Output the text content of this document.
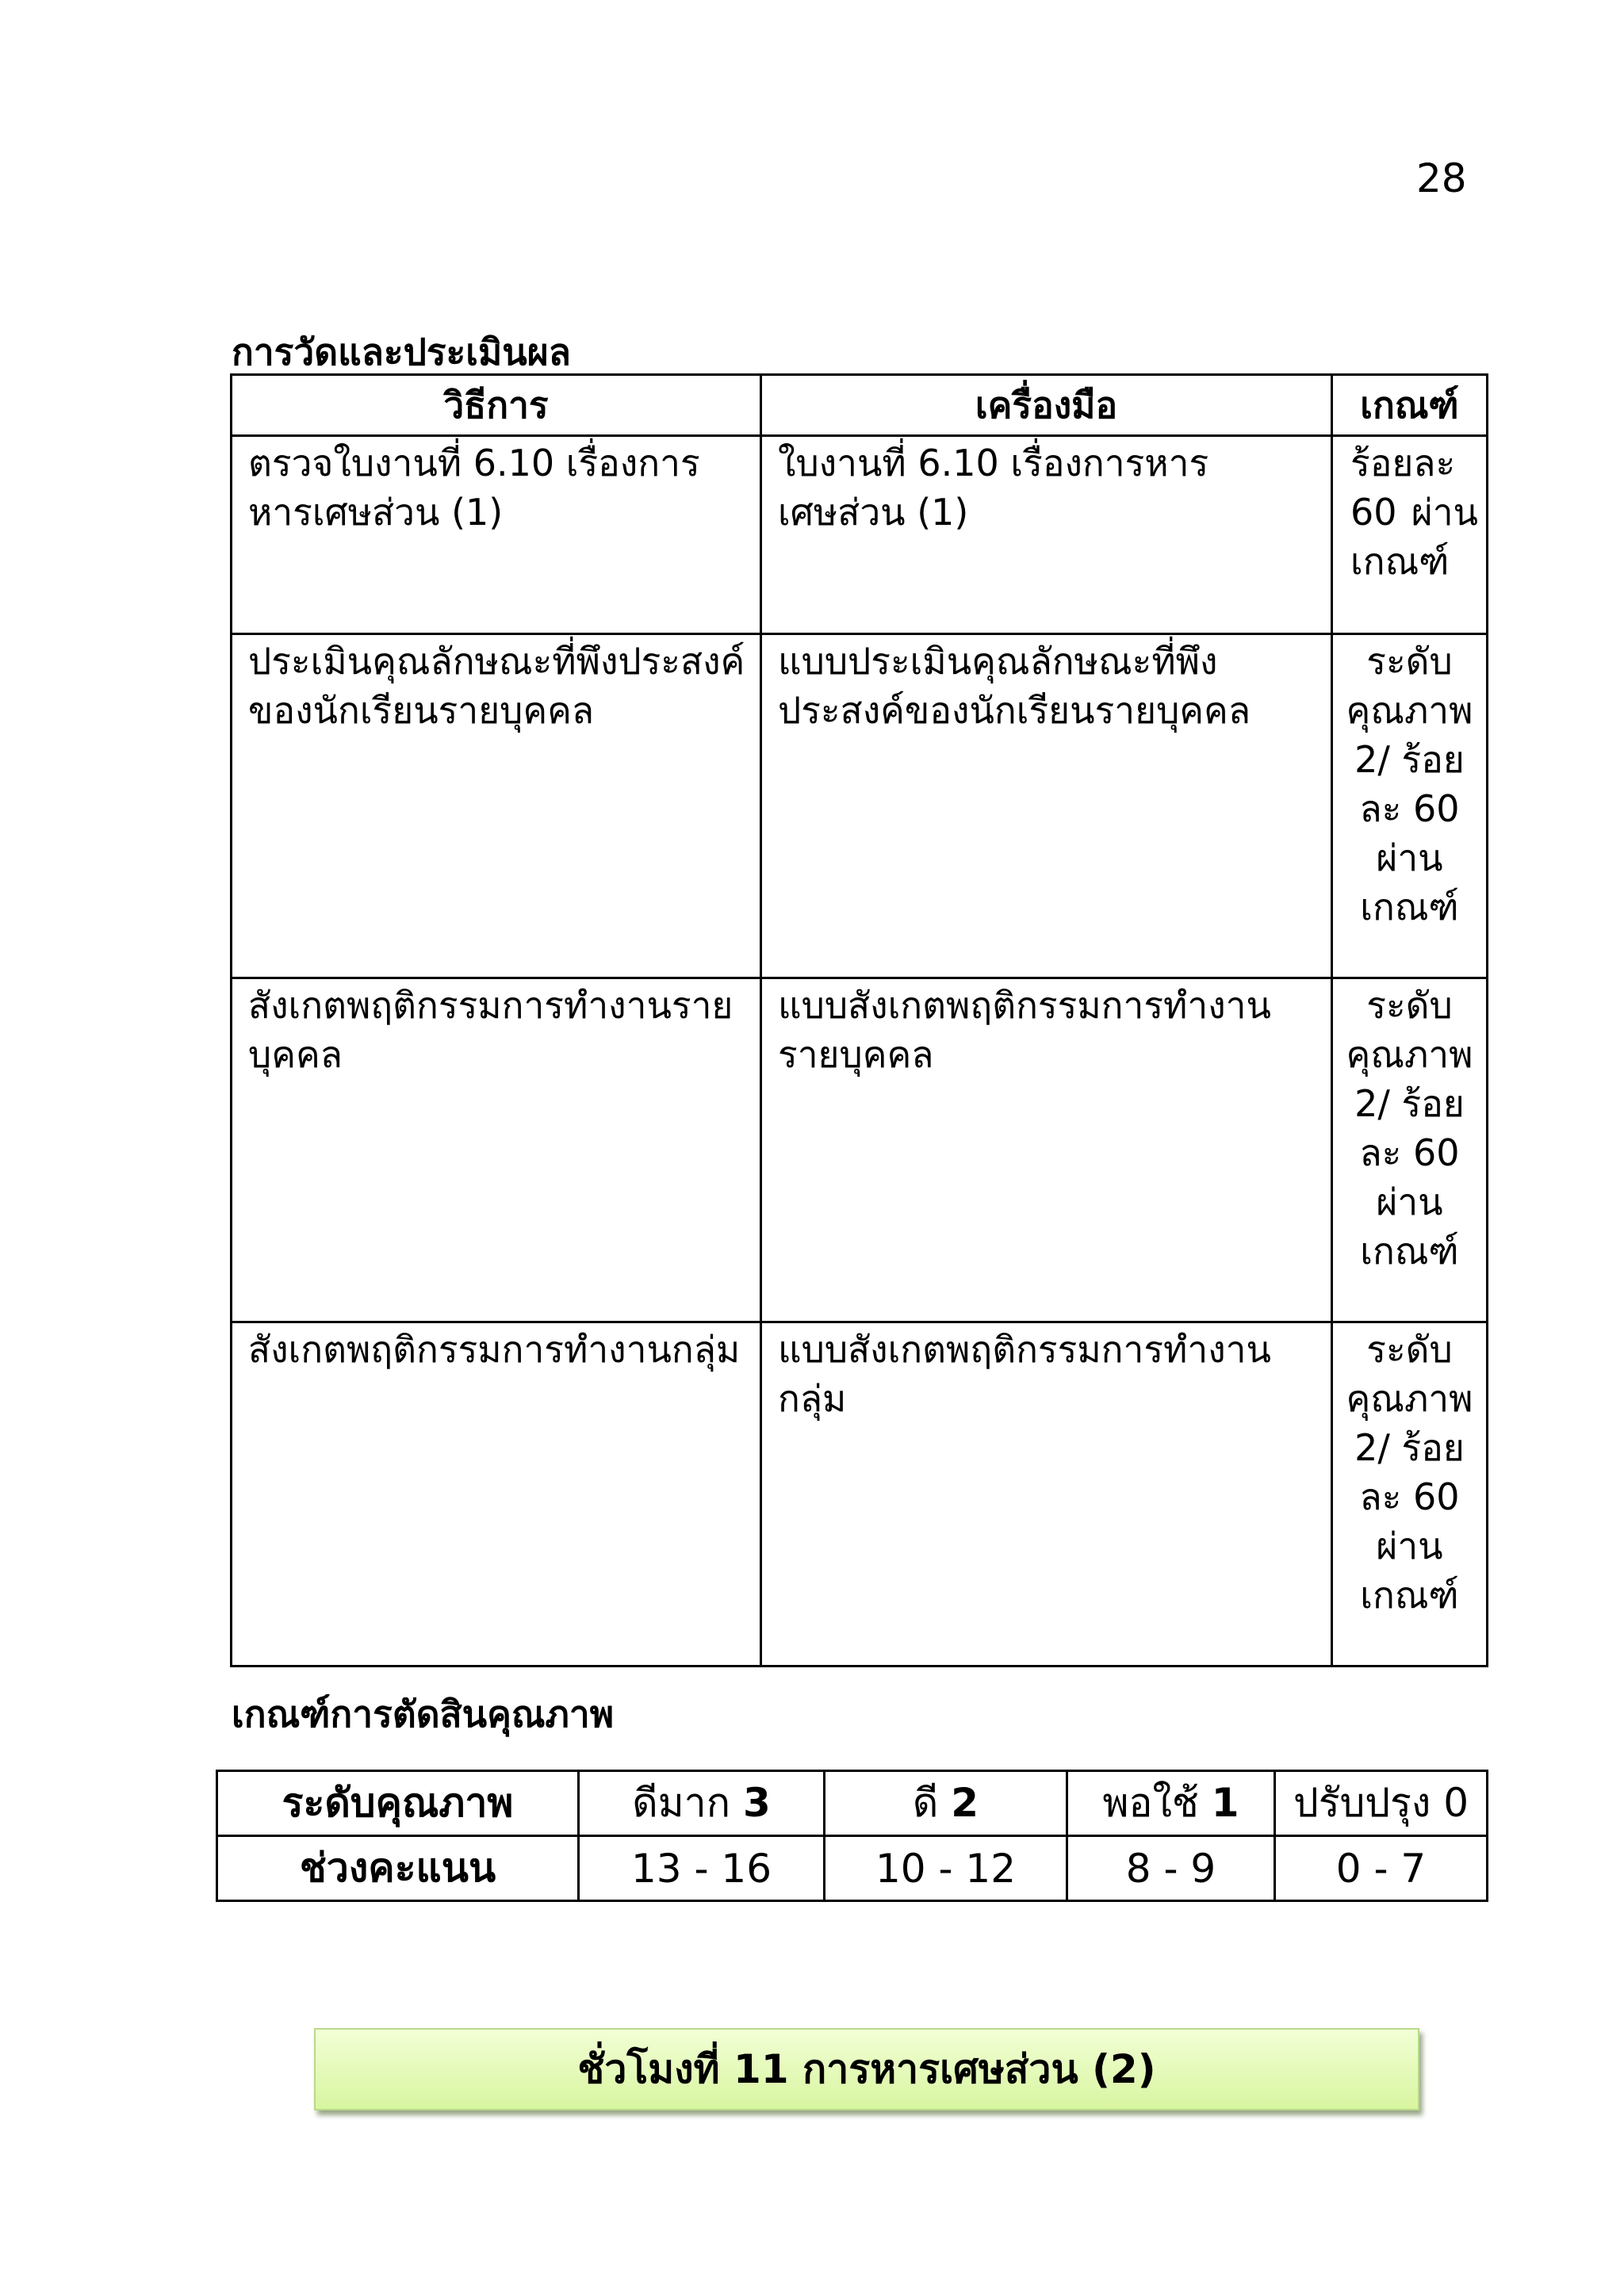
28
การวัดและประเมินผล
วิธีการ	เครื่องมือ	เกณฑ์
ตรวจใบงานที่ 6.10 เรื่องการหารเศษส่วน (1)	ใบงานที่ 6.10 เรื่องการหารเศษส่วน (1)	ร้อยละ 60 ผ่านเกณฑ์
ประเมินคุณลักษณะที่พึงประสงค์ของนักเรียนรายบุคคล	แบบประเมินคุณลักษณะที่พึงประสงค์ของนักเรียนรายบุคคล	ระดับคุณภาพ 2/ ร้อยละ 60 ผ่านเกณฑ์
สังเกตพฤติกรรมการทำงานรายบุคคล	แบบสังเกตพฤติกรรมการทำงานรายบุคคล	ระดับคุณภาพ 2/ ร้อยละ 60 ผ่านเกณฑ์
สังเกตพฤติกรรมการทำงานกลุ่ม	แบบสังเกตพฤติกรรมการทำงานกลุ่ม	ระดับคุณภาพ 2/ ร้อยละ 60 ผ่านเกณฑ์
เกณฑ์การตัดสินคุณภาพ
ระดับคุณภาพ	ดีมาก 3	ดี 2	พอใช้ 1	ปรับปรุง 0
ช่วงคะแนน	13 - 16	10 - 12	8 - 9	0 - 7
ชั่วโมงที่ 11 การหารเศษส่วน (2)
